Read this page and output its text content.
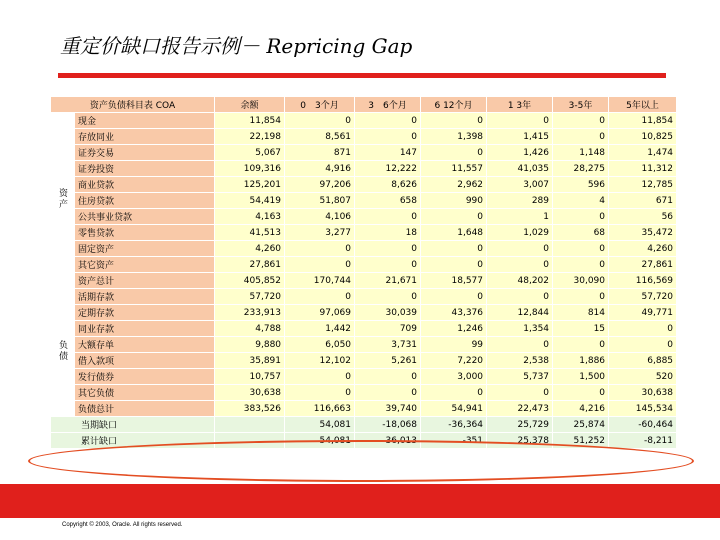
重定价缺口报告示例－ Repricing Gap
资产负债科目表 COA		余额	0　3个月	3　6个月	6 12个月	1 3年	3-5年	5年以上
资产	现金	11,854	0	0	0	0	0	11,854
	存放同业	22,198	8,561	0	1,398	1,415	0	10,825
	证券交易	5,067	871	147	0	1,426	1,148	1,474
	证券投资	109,316	4,916	12,222	11,557	41,035	28,275	11,312
	商业贷款	125,201	97,206	8,626	2,962	3,007	596	12,785
	住房贷款	54,419	51,807	658	990	289	4	671
	公共事业贷款	4,163	4,106	0	0	1	0	56
	零售贷款	41,513	3,277	18	1,648	1,029	68	35,472
	固定资产	4,260	0	0	0	0	0	4,260
	其它资产	27,861	0	0	0	0	0	27,861
	资产总计	405,852	170,744	21,671	18,577	48,202	30,090	116,569
负债	活期存款	57,720	0	0	0	0	0	57,720
	定期存款	233,913	97,069	30,039	43,376	12,844	814	49,771
	同业存款	4,788	1,442	709	1,246	1,354	15	0
	大额存单	9,880	6,050	3,731	99	0	0	0
	借入款项	35,891	12,102	5,261	7,220	2,538	1,886	6,885
	发行债券	10,757	0	0	3,000	5,737	1,500	520
	其它负债	30,638	0	0	0	0	0	30,638
	负债总计	383,526	116,663	39,740	54,941	22,473	4,216	145,534
当期缺口			54,081	-18,068	-36,364	25,729	25,874	-60,464
累计缺口			54,081	36,013	-351	25,378	51,252	-8,211
Copyright © 2003, Oracle. All rights reserved.
